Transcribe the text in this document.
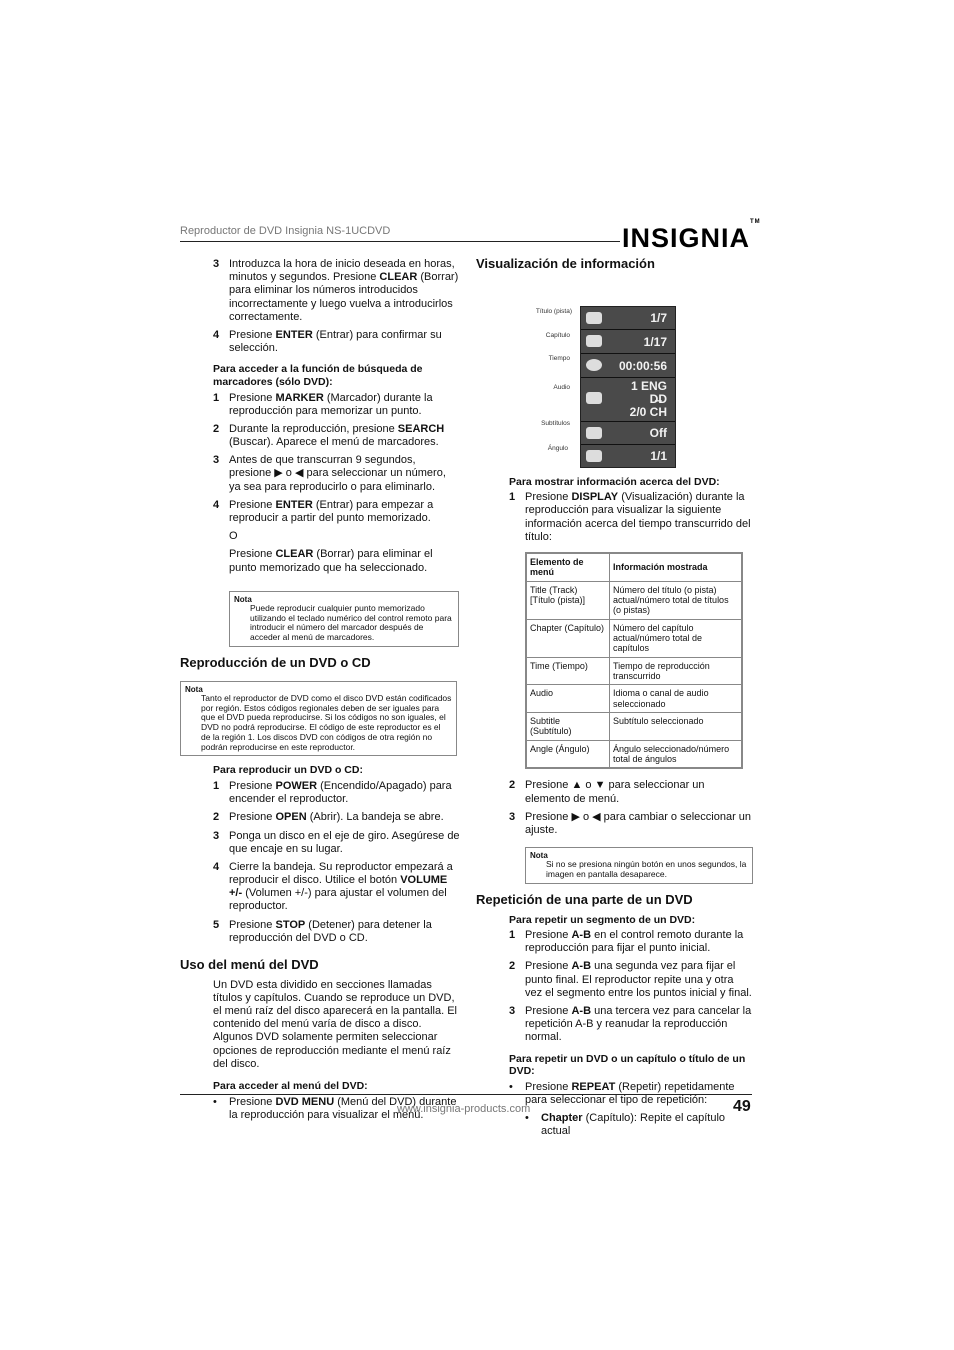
Reproductor de DVD Insignia NS-1UCDVD	INSIGNIA™
3 Introduzca la hora de inicio deseada en horas, minutos y segundos. Presione CLEAR (Borrar) para eliminar los números introducidos incorrectamente y luego vuelva a introducirlos correctamente.
4 Presione ENTER (Entrar) para confirmar su selección.
Para acceder a la función de búsqueda de marcadores (sólo DVD):
1 Presione MARKER (Marcador) durante la reproducción para memorizar un punto.
2 Durante la reproducción, presione SEARCH (Buscar). Aparece el menú de marcadores.
3 Antes de que transcurran 9 segundos, presione ▶ o ◀ para seleccionar un número, ya sea para reproducirlo o para eliminarlo.
4 Presione ENTER (Entrar) para empezar a reproducir a partir del punto memorizado.
O
Presione CLEAR (Borrar) para eliminar el punto memorizado que ha seleccionado.
Nota
Puede reproducir cualquier punto memorizado utilizando el teclado numérico del control remoto para introducir el número del marcador después de acceder al menú de marcadores.
Reproducción de un DVD o CD
Nota
Tanto el reproductor de DVD como el disco DVD están codificados por región. Estos códigos regionales deben de ser iguales para que el DVD pueda reproducirse. Si los códigos no son iguales, el DVD no podrá reproducirse. El código de este reproductor es el de la región 1. Los discos DVD con códigos de otra región no podrán reproducirse en este reproductor.
Para reproducir un DVD o CD:
1 Presione POWER (Encendido/Apagado) para encender el reproductor.
2 Presione OPEN (Abrir). La bandeja se abre.
3 Ponga un disco en el eje de giro. Asegúrese de que encaje en su lugar.
4 Cierre la bandeja. Su reproductor empezará a reproducir el disco. Utilice el botón VOLUME +/- (Volumen +/-) para ajustar el volumen del reproductor.
5 Presione STOP (Detener) para detener la reproducción del DVD o CD.
Uso del menú del DVD
Un DVD esta dividido en secciones llamadas títulos y capítulos. Cuando se reproduce un DVD, el menú raíz del disco aparecerá en la pantalla. El contenido del menú varía de disco a disco. Algunos DVD solamente permiten seleccionar opciones de reproducción mediante el menú raíz del disco.
Para acceder al menú del DVD:
•	Presione DVD MENU (Menú del DVD) durante la reproducción para visualizar el menú.
Visualización de información
Título (pista)
Capítulo
Tiempo
Audio
Subtítulos
Ángulo
1/7
1/17
00:00:56
1 ENG
D̶D
2/0 CH
Off
1/1
Para mostrar información acerca del DVD:
1 Presione DISPLAY (Visualización) durante la reproducción para visualizar la siguiente información acerca del tiempo transcurrido del título:
Elemento de menú	Información mostrada
Title (Track)
[Título (pista)]	Número del título (o pista) actual/número total de títulos (o pistas)
Chapter (Capítulo)	Número del capítulo actual/número total de capítulos
Time (Tiempo)	Tiempo de reproducción transcurrido
Audio	Idioma o canal de audio seleccionado
Subtitle
(Subtítulo)	Subtítulo seleccionado
Angle (Ángulo)	Ángulo seleccionado/número total de ángulos
2 Presione ▲ o ▼ para seleccionar un elemento de menú.
3 Presione ▶ o ◀ para cambiar o seleccionar un ajuste.
Nota
Si no se presiona ningún botón en unos segundos, la imagen en pantalla desaparece.
Repetición de una parte de un DVD
Para repetir un segmento de un DVD:
1 Presione A-B en el control remoto durante la reproducción para fijar el punto inicial.
2 Presione A-B una segunda vez para fijar el punto final. El reproductor repite una y otra vez el segmento entre los puntos inicial y final.
3 Presione A-B una tercera vez para cancelar la repetición A-B y reanudar la reproducción normal.
Para repetir un DVD o un capítulo o título de un DVD:
•	Presione REPEAT (Repetir) repetidamente para seleccionar el tipo de repetición:
•	Chapter (Capítulo): Repite el capítulo actual
www.insignia-products.com	49
